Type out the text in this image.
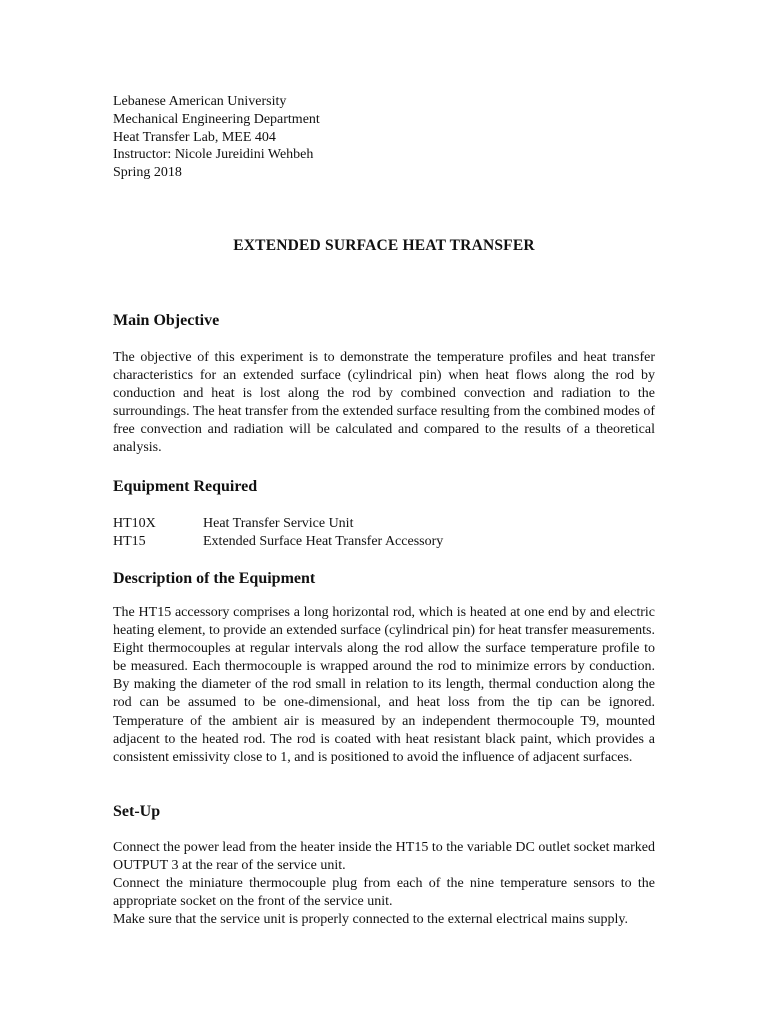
Lebanese American University
Mechanical Engineering Department
Heat Transfer Lab, MEE 404
Instructor: Nicole Jureidini Wehbeh
Spring 2018
EXTENDED SURFACE HEAT TRANSFER
Main Objective
The objective of this experiment is to demonstrate the temperature profiles and heat transfer characteristics for an extended surface (cylindrical pin) when heat flows along the rod by conduction and heat is lost along the rod by combined convection and radiation to the surroundings. The heat transfer from the extended surface resulting from the combined modes of free convection and radiation will be calculated and compared to the results of a theoretical analysis.
Equipment Required
HT10X	Heat Transfer Service Unit
HT15	Extended Surface Heat Transfer Accessory
Description of the Equipment
The HT15 accessory comprises a long horizontal rod, which is heated at one end by and electric heating element, to provide an extended surface (cylindrical pin) for heat transfer measurements. Eight thermocouples at regular intervals along the rod allow the surface temperature profile to be measured. Each thermocouple is wrapped around the rod to minimize errors by conduction. By making the diameter of the rod small in relation to its length, thermal conduction along the rod can be assumed to be one-dimensional, and heat loss from the tip can be ignored. Temperature of the ambient air is measured by an independent thermocouple T9, mounted adjacent to the heated rod. The rod is coated with heat resistant black paint, which provides a consistent emissivity close to 1, and is positioned to avoid the influence of adjacent surfaces.
Set-Up
Connect the power lead from the heater inside the HT15 to the variable DC outlet socket marked OUTPUT 3 at the rear of the service unit.
Connect the miniature thermocouple plug from each of the nine temperature sensors to the appropriate socket on the front of the service unit.
Make sure that the service unit is properly connected to the external electrical mains supply.
